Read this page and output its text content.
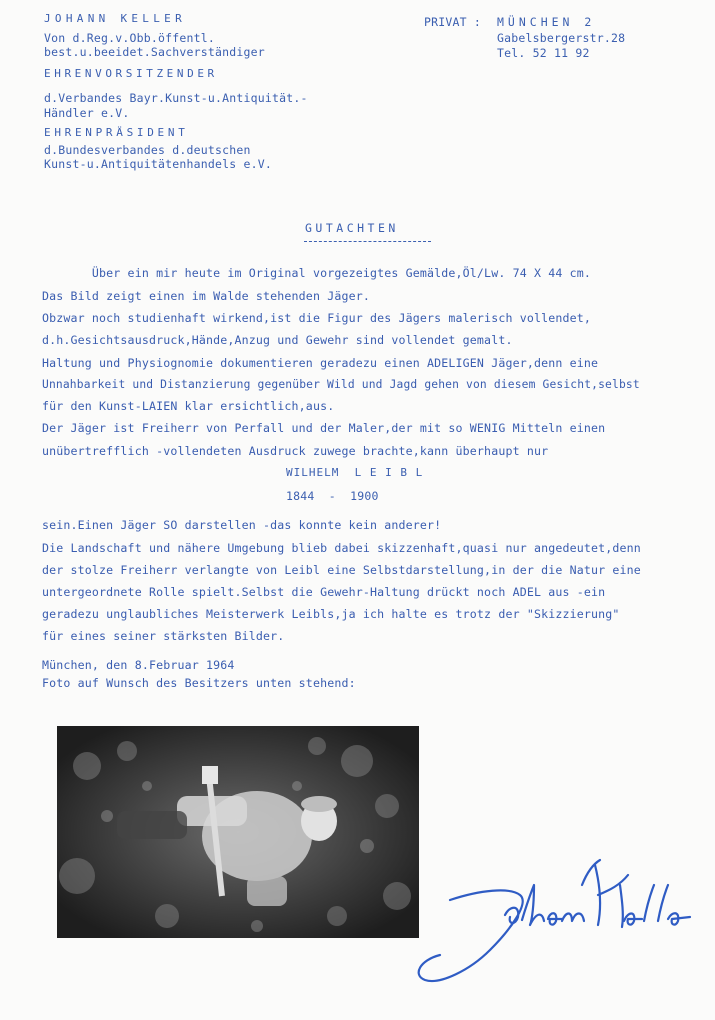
JOHANN KELLER
Von d.Reg.v.Obb.öffentl.
best.u.beeidet.Sachverständiger
EHRENVORSITZENDER
d.Verbandes Bayr.Kunst-u.Antiquität.-
Händler e.V.
EHRENPRÄSIDENT
d.Bundesverbandes d.deutschen
Kunst-u.Antiquitätenhandels e.V.
PRIVAT : MÜNCHEN 2
Gabelsbergerstr.28
Tel. 52 11 92
GUTACHTEN
Über ein mir heute im Original vorgezeigtes Gemälde,Öl/Lw. 74 X 44 cm.
Das Bild zeigt einen im Walde stehenden Jäger.
Obzwar noch studienhaft wirkend,ist die Figur des Jägers malerisch vollendet,
d.h.Gesichtsausdruck,Hände,Anzug und Gewehr sind vollendet gemalt.
Haltung und Physiognomie dokumentieren geradezu einen ADELIGEN Jäger,denn eine
Unnahbarkeit und Distanzierung gegenüber Wild und Jagd gehen von diesem Gesicht,selbst
für den Kunst-LAIEN klar ersichtlich,aus.
Der Jäger ist Freiherr von Perfall und der Maler,der mit so WENIG Mitteln einen
unübertrefflich -vollendeten Ausdruck zuwege brachte,kann überhaupt nur
WILHELM  L E I B L
1844  -  1900
sein.Einen Jäger SO darstellen -das konnte kein anderer!
Die Landschaft und nähere Umgebung blieb dabei skizzenhaft,quasi nur angedeutet,denn
der stolze Freiherr verlangte von Leibl eine Selbstdarstellung,in der die Natur eine
untergeordnete Rolle spielt.Selbst die Gewehr-Haltung drückt noch ADEL aus -ein
geradezu unglaubliches Meisterwerk Leibls,ja ich halte es trotz der "Skizzierung"
für eines seiner stärksten Bilder.
München, den 8.Februar 1964
Foto auf Wunsch des Besitzers unten stehend:
